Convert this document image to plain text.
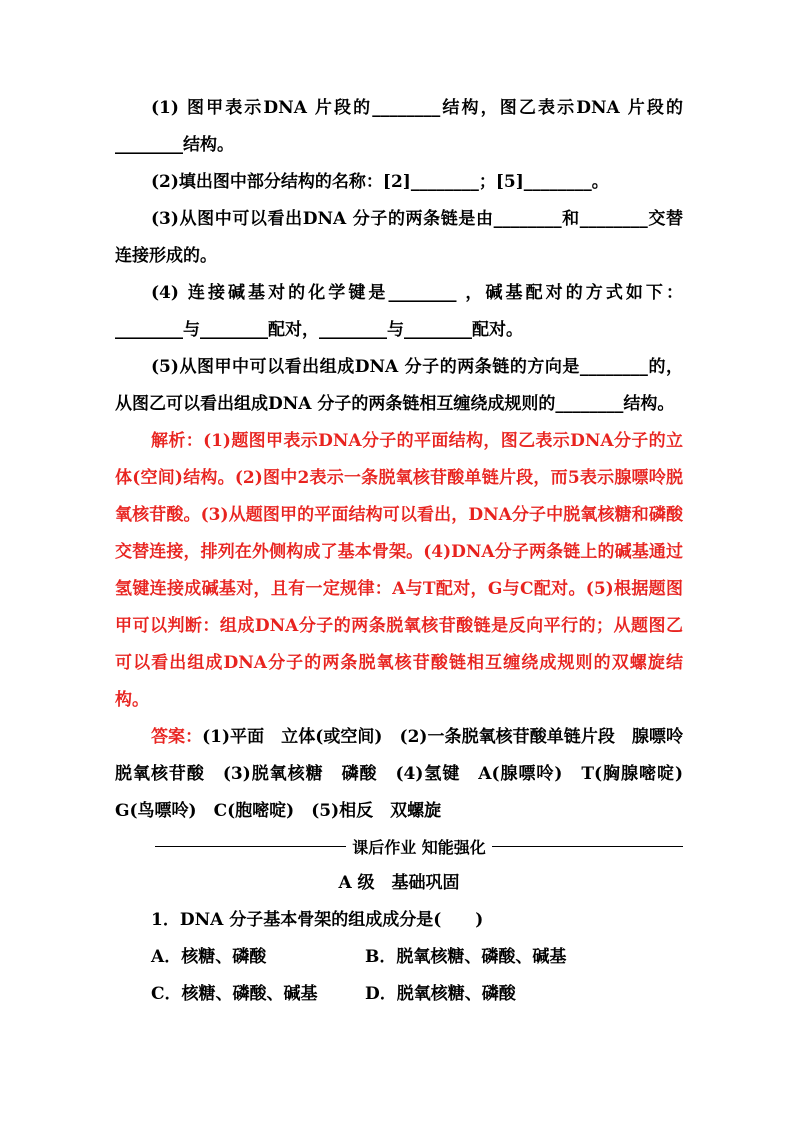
(1) 图甲表示DNA 片段的________结构，图乙表示DNA 片段的________结构。

(2)填出图中部分结构的名称：[2]________；[5]________。

(3)从图中可以看出DNA 分子的两条链是由________和________交替连接形成的。

(4) 连接碱基对的化学键是________ ，碱基配对的方式如下：________与________配对，________与________配对。

(5)从图甲中可以看出组成DNA 分子的两条链的方向是________的，从图乙可以看出组成DNA 分子的两条链相互缠绕成规则的________结构。

解析：(1)题图甲表示DNA分子的平面结构，图乙表示DNA分子的立体(空间)结构。(2)图中2表示一条脱氧核苷酸单链片段，而5表示腺嘌呤脱氧核苷酸。(3)从题图甲的平面结构可以看出，DNA分子中脱氧核糖和磷酸交替连接，排列在外侧构成了基本骨架。(4)DNA分子两条链上的碱基通过氢键连接成碱基对，且有一定规律：A与T配对，G与C配对。(5)根据题图甲可以判断：组成DNA分子的两条脱氧核苷酸链是反向平行的；从题图乙可以看出组成DNA分子的两条脱氧核苷酸链相互缠绕成规则的双螺旋结构。

答案：(1)平面　立体(或空间)　(2)一条脱氧核苷酸单链片段　腺嘌呤脱氧核苷酸　(3)脱氧核糖　磷酸　(4)氢键　A(腺嘌呤)　T(胸腺嘧啶)　G(鸟嘌呤)　C(胞嘧啶)　(5)相反　双螺旋

课后作业 知能强化
A 级　基础巩固

1．DNA 分子基本骨架的组成成分是(　　)

A．核糖、磷酸	B．脱氧核糖、磷酸、碱基
C．核糖、磷酸、碱基	D．脱氧核糖、磷酸
